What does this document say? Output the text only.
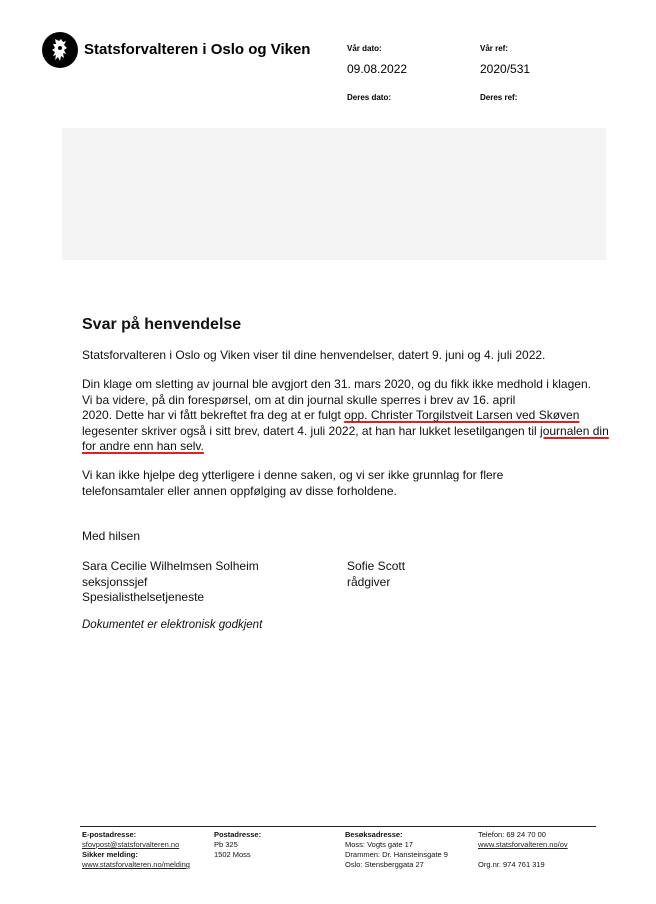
Statsforvalteren i Oslo og Viken	Vår dato:
09.08.2022
Vår ref:
2020/531
Deres dato:	Deres ref:
Svar på henvendelse

Statsforvalteren i Oslo og Viken viser til dine henvendelser, datert 9. juni og 4. juli 2022.

Din klage om sletting av journal ble avgjort den 31. mars 2020, og du fikk ikke medhold i klagen.

Vi ba videre, på din forespørsel, om at din journal skulle sperres i brev av 16. april

2020. Dette har vi fått bekreftet fra deg at er fulgt opp. Christer Torgilstveit Larsen ved Skøven

legesenter skriver også i sitt brev, datert 4. juli 2022, at han har lukket lesetilgangen til journalen din

for andre enn han selv.

Vi kan ikke hjelpe deg ytterligere i denne saken, og vi ser ikke grunnlag for flere

telefonsamtaler eller annen oppfølging av disse forholdene.

Med hilsen
Sara Cecilie Wilhelmsen Solheim
seksjonssjef
Spesialisthelsetjeneste
Sofie Scott
rådgiver
Dokumentet er elektronisk godkjent
E-postadresse:
sfovpost@statsforvalteren.no
Sikker melding:
www.statsforvalteren.no/melding
Postadresse:
Pb 325
1502 Moss
Besøksadresse:
Moss: Vogts gate 17
Drammen: Dr. Hansteinsgate 9
Oslo: Stensberggata 27
Telefon: 69 24 70 00
www.statsforvalteren.no/ov
Org.nr. 974 761 319
